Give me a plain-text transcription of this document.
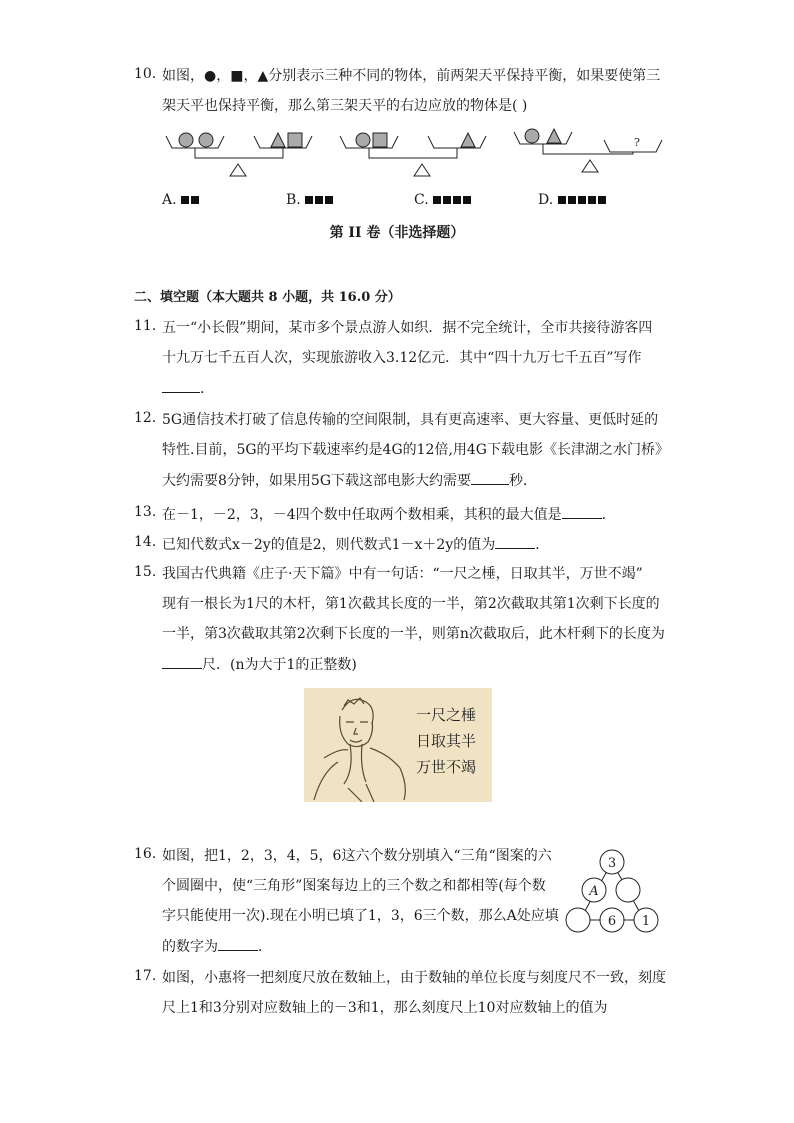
10. 如图，●，■，▲分别表示三种不同的物体，前两架天平保持平衡，如果要使第三
架天平也保持平衡，那么第三架天平的右边应放的物体是( )
?
A.	B.	C.	D.
第 II 卷（非选择题）
二、填空题（本大题共 8 小题，共 16.0 分）
11. 五一“小长假”期间，某市多个景点游人如织．据不完全统计，全市共接待游客四
十九万七千五百人次，实现旅游收入3.12亿元．其中“四十九万七千五百”写作
．
12. 5G通信技术打破了信息传输的空间限制，具有更高速率、更大容量、更低时延的
特性.目前，5G的平均下载速率约是4G的12倍,用4G下载电影《长津湖之水门桥》
大约需要8分钟，如果用5G下载这部电影大约需要	秒．
13. 在－1，－2，3，－4四个数中任取两个数相乘，其积的最大值是	．
14. 已知代数式x－2y的值是2，则代数式1－x＋2y的值为	．
15. 我国古代典籍《庄子·天下篇》中有一句话：“一尺之棰，日取其半，万世不竭”
现有一根长为1尺的木杆，第1次截其长度的一半，第2次截取其第1次剩下长度的
一半，第3次截取其第2次剩下长度的一半，则第n次截取后，此木杆剩下的长度为
尺．(n为大于1的正整数)
一尺之棰
日取其半
万世不竭
16. 如图，把1，2，3，4，5，6这六个数分别填入“三角“图案的六
个圆圈中，使“三角形”图案每边上的三个数之和都相等(每个数
字只能使用一次).现在小明已填了1，3，6三个数，那么A处应填
的数字为	．
3
A
6 1
17. 如图，小惠将一把刻度尺放在数轴上，由于数轴的单位长度与刻度尺不一致，刻度
尺上1和3分别对应数轴上的－3和1，那么刻度尺上10对应数轴上的值为
